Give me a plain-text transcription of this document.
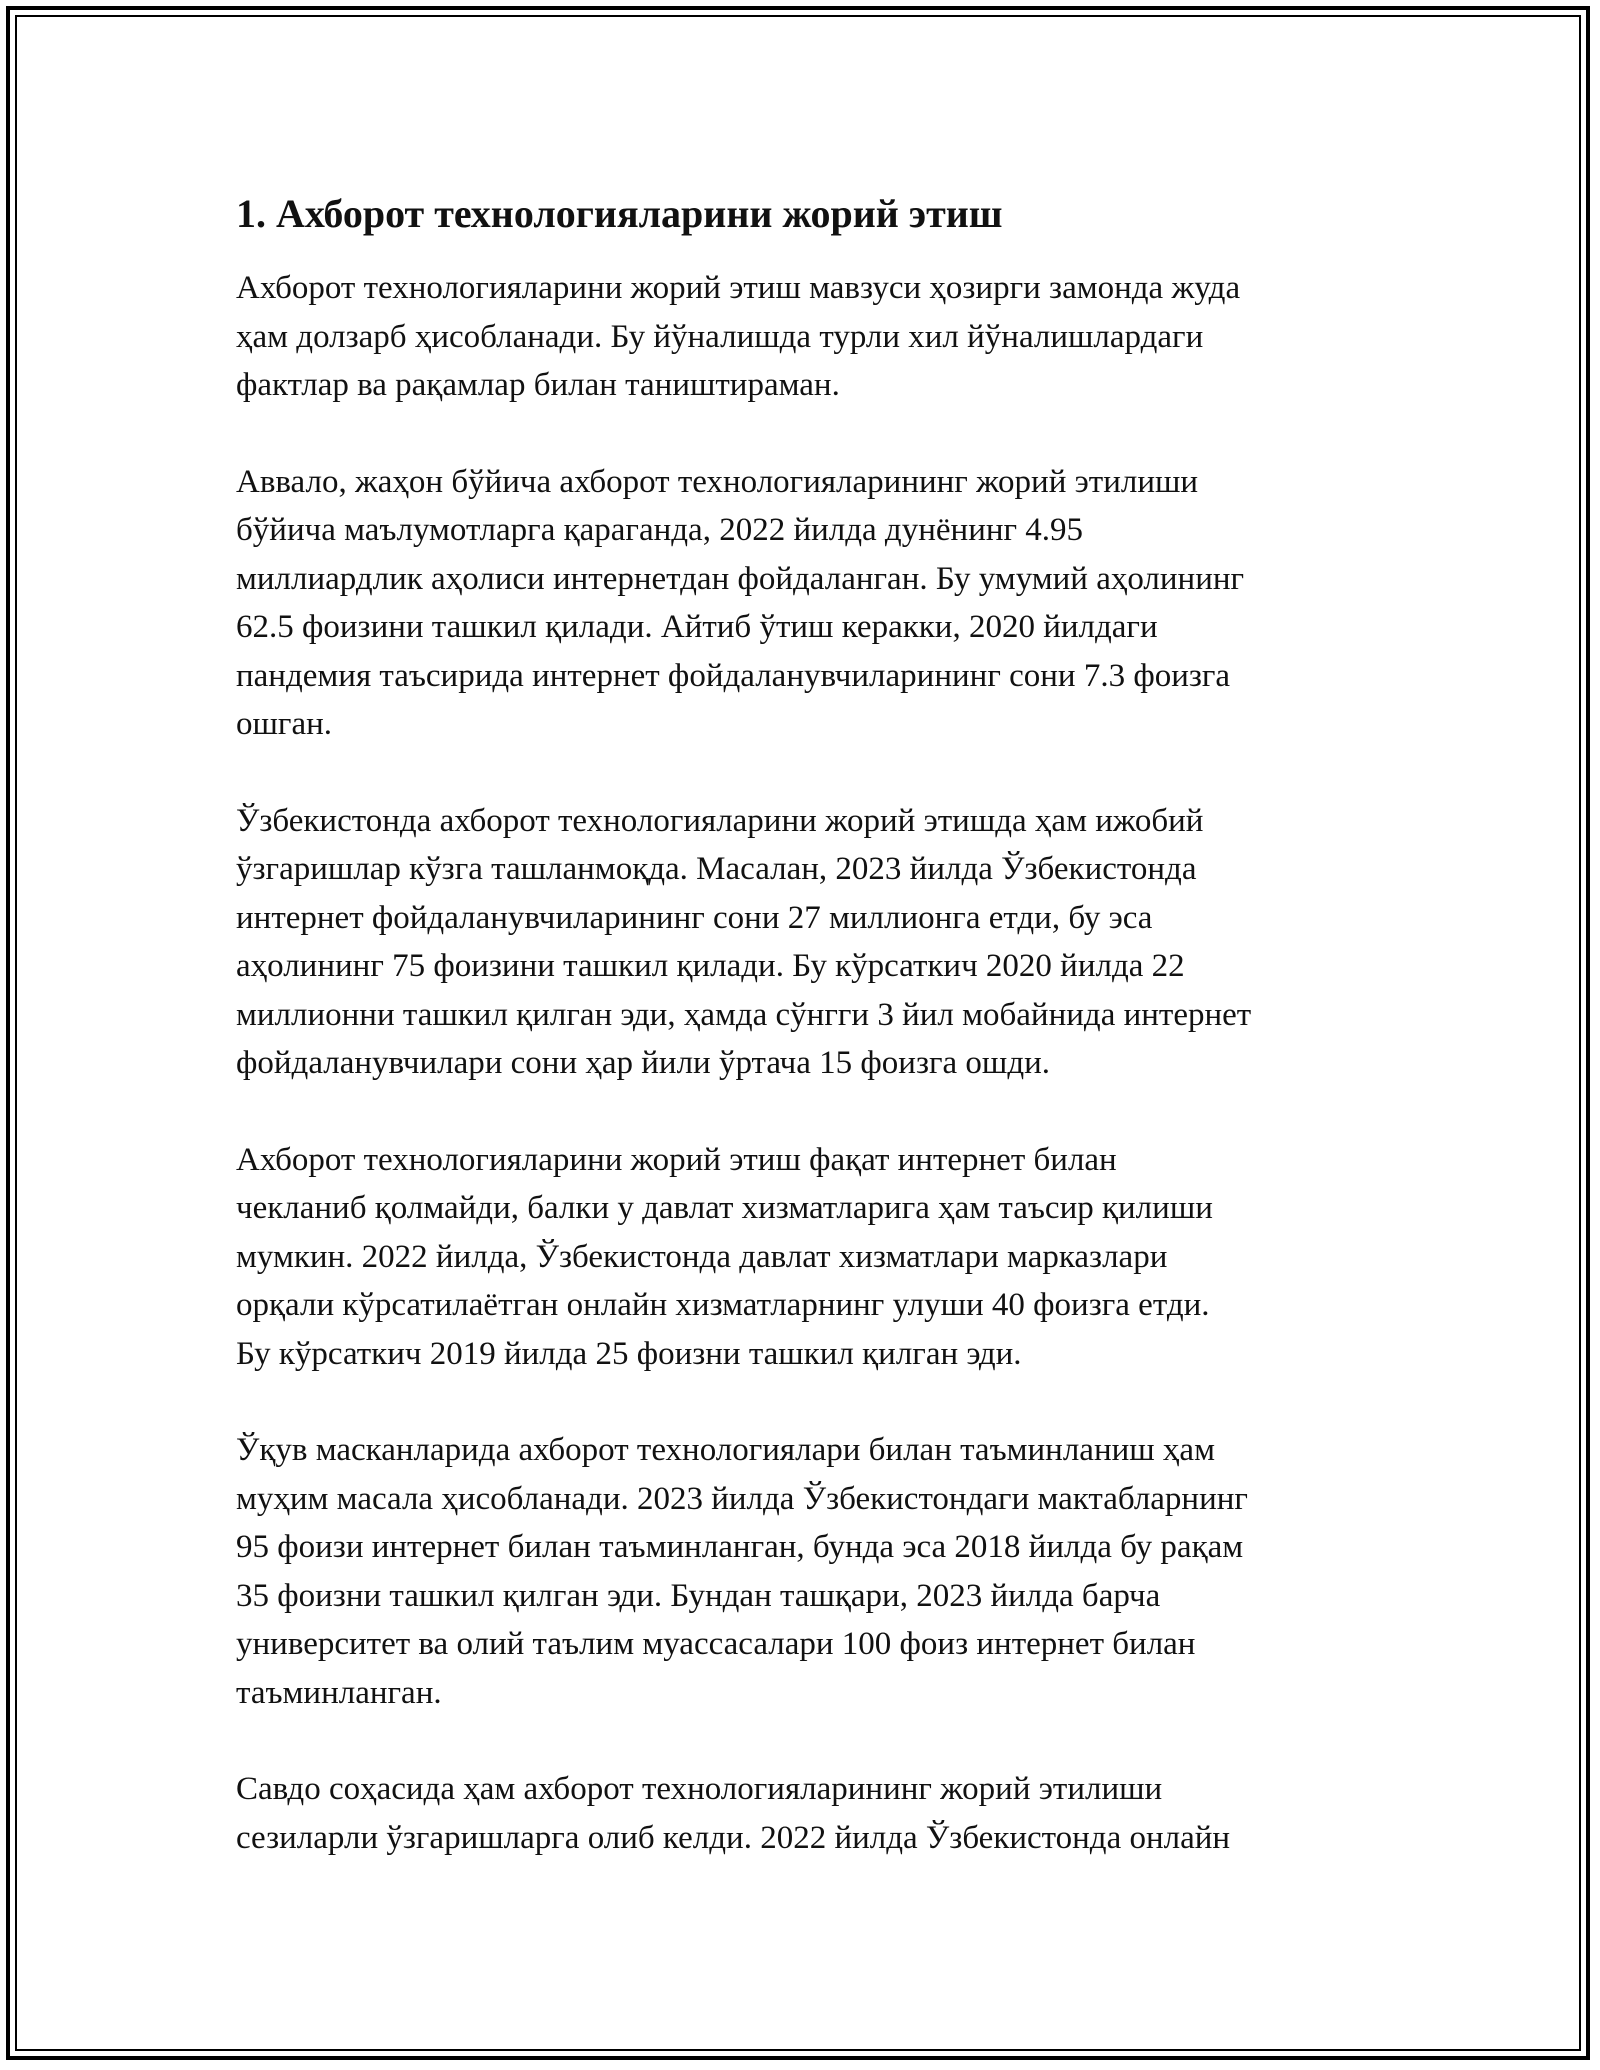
1. Ахборот технологияларини жорий этиш

Ахборот технологияларини жорий этиш мавзуси ҳозирги замонда жуда
ҳам долзарб ҳисобланади. Бу йўналишда турли хил йўналишлардаги
фактлар ва рақамлар билан таништираман.

Аввало, жаҳон бўйича ахборот технологияларининг жорий этилиши
бўйича маълумотларга қараганда, 2022 йилда дунёнинг 4.95
миллиардлик аҳолиси интернетдан фойдаланган. Бу умумий аҳолининг
62.5 фоизини ташкил қилади. Айтиб ўтиш керакки, 2020 йилдаги
пандемия таъсирида интернет фойдаланувчиларининг сони 7.3 фоизга
ошган.

Ўзбекистонда ахборот технологияларини жорий этишда ҳам ижобий
ўзгаришлар кўзга ташланмоқда. Масалан, 2023 йилда Ўзбекистонда
интернет фойдаланувчиларининг сони 27 миллионга етди, бу эса
аҳолининг 75 фоизини ташкил қилади. Бу кўрсаткич 2020 йилда 22
миллионни ташкил қилган эди, ҳамда сўнгги 3 йил мобайнида интернет
фойдаланувчилари сони ҳар йили ўртача 15 фоизга ошди.

Ахборот технологияларини жорий этиш фақат интернет билан
чекланиб қолмайди, балки у давлат хизматларига ҳам таъсир қилиши
мумкин. 2022 йилда, Ўзбекистонда давлат хизматлари марказлари
орқали кўрсатилаётган онлайн хизматларнинг улуши 40 фоизга етди.
Бу кўрсаткич 2019 йилда 25 фоизни ташкил қилган эди.

Ўқув масканларида ахборот технологиялари билан таъминланиш ҳам
муҳим масала ҳисобланади. 2023 йилда Ўзбекистондаги мактабларнинг
95 фоизи интернет билан таъминланган, бунда эса 2018 йилда бу рақам
35 фоизни ташкил қилган эди. Бундан ташқари, 2023 йилда барча
университет ва олий таълим муассасалари 100 фоиз интернет билан
таъминланган.

Савдо соҳасида ҳам ахборот технологияларининг жорий этилиши
сезиларли ўзгаришларга олиб келди. 2022 йилда Ўзбекистонда онлайн
